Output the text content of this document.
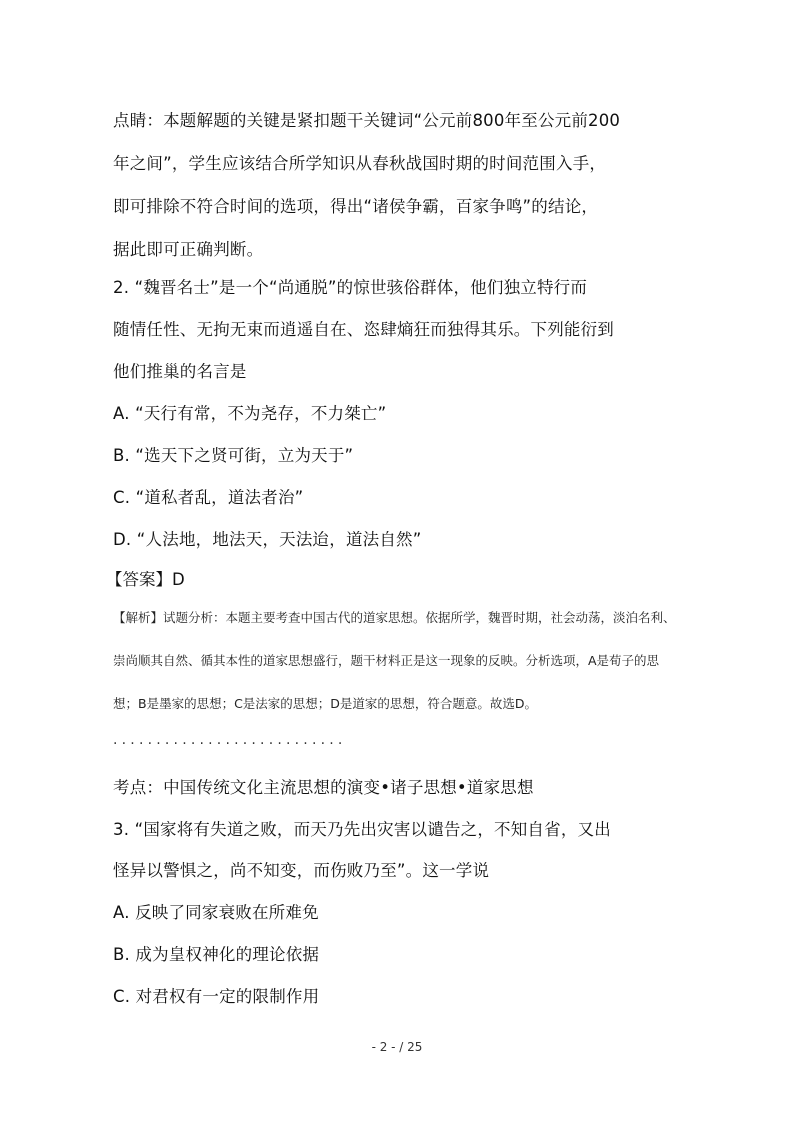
点睛：本题解题的关键是紧扣题干关键词“公元前800年至公元前200
年之间”，学生应该结合所学知识从春秋战国时期的时间范围入手，
即可排除不符合时间的选项，得出“诸侯争霸，百家争鸣”的结论，
据此即可正确判断。
2. “魏晋名士”是一个“尚通脱”的惊世骇俗群体，他们独立特行而
随情任性、无拘无束而逍遥自在、恣肆熵狂而独得其乐。下列能衍到
他们推巢的名言是
A. “天行有常，不为尧存，不力桀亡”
B. “选天下之贤可街，立为天于”
C. “道私者乱，道法者治”
D. “人法地，地法天，天法迨，道法自然”
【答案】D
【解析】试题分析：本题主要考查中国古代的道家思想。依据所学，魏晋时期，社会动荡，淡泊名利、
崇尚顺其自然、循其本性的道家思想盛行，题干材料正是这一现象的反映。分析选项，A是荀子的思
想；B是墨家的思想；C是法家的思想；D是道家的思想，符合题意。故选D。
...........................
考点：中国传统文化主流思想的演变•诸子思想•道家思想
3. “国家将有失道之败，而天乃先出灾害以谴告之，不知自省，又出
怪异以警惧之，尚不知变，而伤败乃至”。这一学说
A. 反映了同家衰败在所难免
B. 成为皇权神化的理论依据
C. 对君权有一定的限制作用
- 2 - / 25
